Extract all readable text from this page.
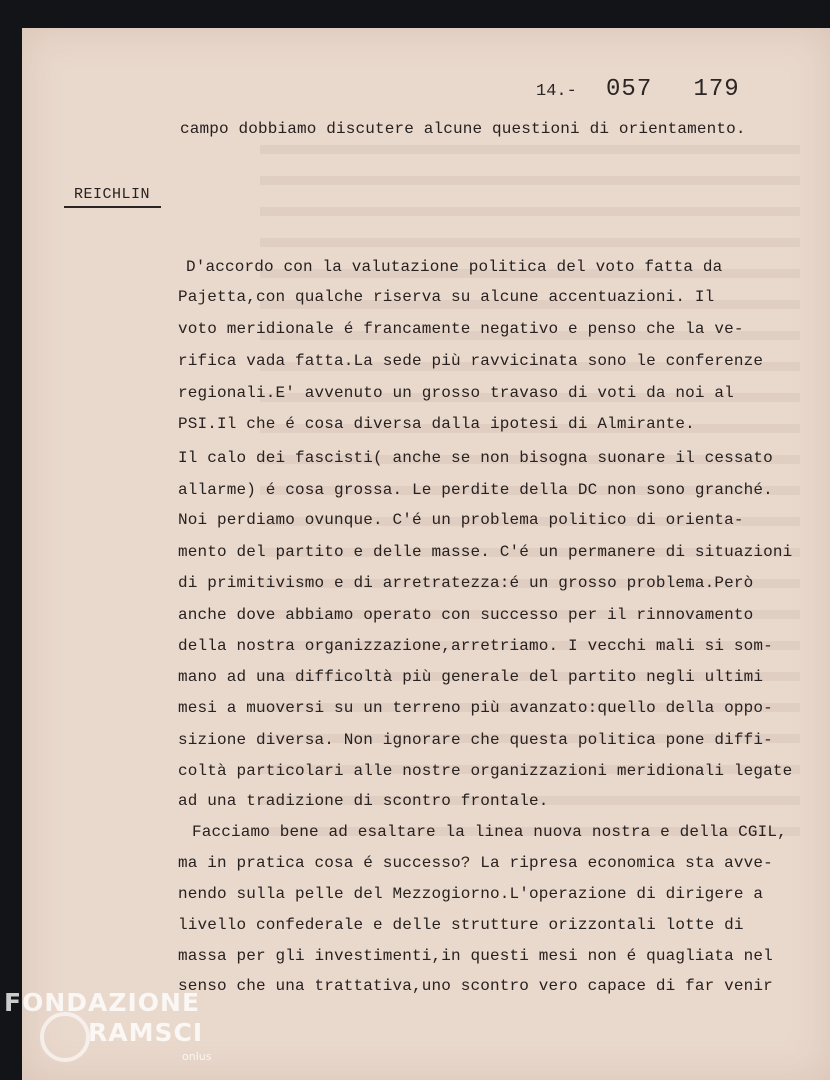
14.- 057 179

campo dobbiamo discutere alcune questioni di orientamento.

REICHLIN

D'accordo con la valutazione politica del voto fatta da

Pajetta,con qualche riserva su alcune accentuazioni. Il

voto meridionale é francamente negativo e penso che la ve-

rifica vada fatta.La sede più ravvicinata sono le conferenze

regionali.E' avvenuto un grosso travaso di voti da noi al

PSI.Il che é cosa diversa dalla ipotesi di Almirante.

Il calo dei fascisti( anche se non bisogna suonare il cessato

allarme) é cosa grossa. Le perdite della DC non sono granché.

Noi perdiamo ovunque. C'é un problema politico di orienta-

mento del partito e delle masse. C'é un permanere di situazioni

di primitivismo e di arretratezza:é un grosso problema.Però

anche dove abbiamo operato con successo per il rinnovamento

della nostra organizzazione,arretriamo. I vecchi mali si som-

mano ad una difficoltà più generale del partito negli ultimi

mesi a muoversi su un terreno più avanzato:quello della oppo-

sizione diversa. Non ignorare che questa politica pone diffi-

coltà particolari alle nostre organizzazioni meridionali legate

ad una tradizione di scontro frontale.

Facciamo bene ad esaltare la linea nuova nostra e della CGIL,

ma in pratica cosa é successo? La ripresa economica sta avve-

nendo sulla pelle del Mezzogiorno.L'operazione di dirigere a

livello confederale e delle strutture orizzontali lotte di

massa per gli investimenti,in questi mesi non é quagliata nel

senso che una trattativa,uno scontro vero capace di far venir

FONDAZIONE
RAMSCI
onlus
